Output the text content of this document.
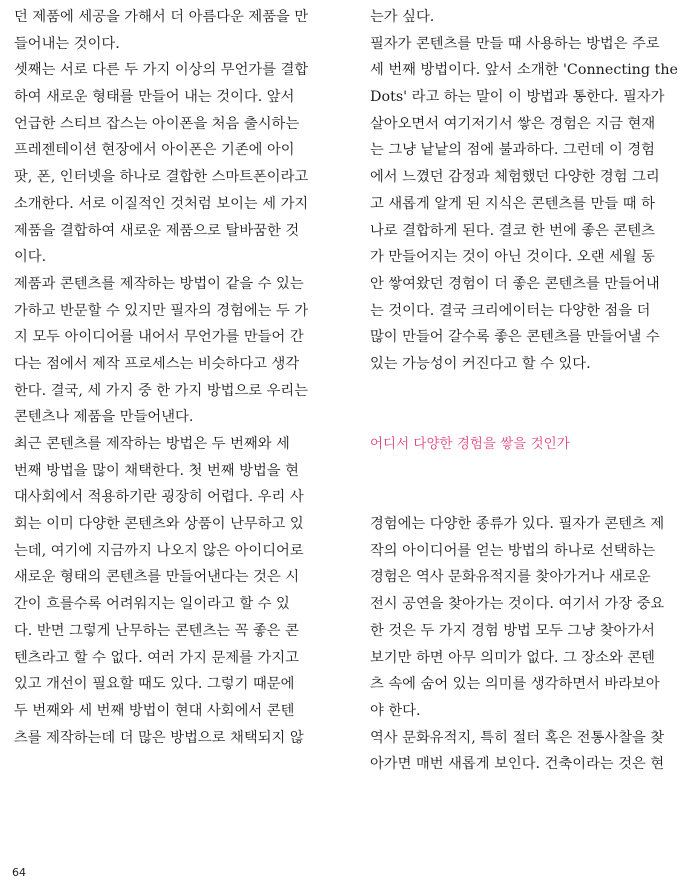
던 제품에 세공을 가해서 더 아름다운 제품을 만
들어내는 것이다.
셋째는 서로 다른 두 가지 이상의 무언가를 결합
하여 새로운 형태를 만들어 내는 것이다. 앞서
언급한 스티브 잡스는 아이폰을 처음 출시하는
프레젠테이션 현장에서 아이폰은 기존에 아이
팟, 폰, 인터넷을 하나로 결합한 스마트폰이라고
소개한다. 서로 이질적인 것처럼 보이는 세 가지
제품을 결합하여 새로운 제품으로 탈바꿈한 것
이다.
제품과 콘텐츠를 제작하는 방법이 같을 수 있는
가하고 반문할 수 있지만 필자의 경험에는 두 가
지 모두 아이디어를 내어서 무언가를 만들어 간
다는 점에서 제작 프로세스는 비슷하다고 생각
한다. 결국, 세 가지 중 한 가지 방법으로 우리는
콘텐츠나 제품을 만들어낸다.
최근 콘텐츠를 제작하는 방법은 두 번째와 세
번째 방법을 많이 채택한다. 첫 번째 방법을 현
대사회에서 적용하기란 굉장히 어렵다. 우리 사
회는 이미 다양한 콘텐츠와 상품이 난무하고 있
는데, 여기에 지금까지 나오지 않은 아이디어로
새로운 형태의 콘텐츠를 만들어낸다는 것은 시
간이 흐를수록 어려워지는 일이라고 할 수 있
다. 반면 그렇게 난무하는 콘텐츠는 꼭 좋은 콘
텐츠라고 할 수 없다. 여러 가지 문제를 가지고
있고 개선이 필요할 때도 있다. 그렇기 때문에
두 번째와 세 번째 방법이 현대 사회에서 콘텐
츠를 제작하는데 더 많은 방법으로 채택되지 않
는가 싶다.
필자가 콘텐츠를 만들 때 사용하는 방법은 주로
세 번째 방법이다. 앞서 소개한 'Connecting the
Dots' 라고 하는 말이 이 방법과 통한다. 필자가
살아오면서 여기저기서 쌓은 경험은 지금 현재
는 그냥 낱낱의 점에 불과하다. 그런데 이 경험
에서 느꼈던 감정과 체험했던 다양한 경험 그리
고 새롭게 알게 된 지식은 콘텐츠를 만들 때 하
나로 결합하게 된다. 결코 한 번에 좋은 콘텐츠
가 만들어지는 것이 아닌 것이다. 오랜 세월 동
안 쌓여왔던 경험이 더 좋은 콘텐츠를 만들어내
는 것이다. 결국 크리에이터는 다양한 점을 더
많이 만들어 갈수록 좋은 콘텐츠를 만들어낼 수
있는 가능성이 커진다고 할 수 있다.
어디서 다양한 경험을 쌓을 것인가
경험에는 다양한 종류가 있다. 필자가 콘텐츠 제
작의 아이디어를 얻는 방법의 하나로 선택하는
경험은 역사 문화유적지를 찾아가거나 새로운
전시 공연을 찾아가는 것이다. 여기서 가장 중요
한 것은 두 가지 경험 방법 모두 그냥 찾아가서
보기만 하면 아무 의미가 없다. 그 장소와 콘텐
츠 속에 숨어 있는 의미를 생각하면서 바라보아
야 한다.
역사 문화유적지, 특히 절터 혹은 전통사찰을 찾
아가면 매번 새롭게 보인다. 건축이라는 것은 현
64
